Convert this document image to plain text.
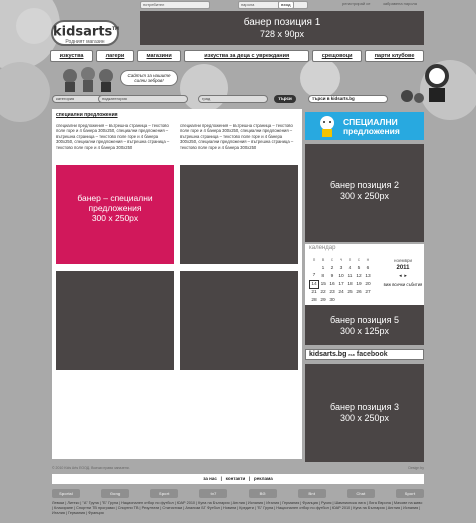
потребител	парола	вход	регистрирай се	забравена парола
kidsarts™
Родният магазин
банер позиция 1
728 x 90px
изкуства	лагери	магазини	изкуства за деца с увреждания	срещовоци	парти клубове
Сайтът за нашите
силни зебров!
категория	подкатегория	град	търси	търси в kidsarts.bg
специални предложения
специални предложения – вътрешна страница – текстово поле горе и 4 банера 300x250, специални предложения – вътрешна страница – текстово поле горе и 4 банера 300x250, специални предложения – вътрешна страница – текстово поле горе и 4 банера 300x250
специални предложения – вътрешна страница – текстово поле горе и 4 банера 300x250, специални предложения – вътрешна страница – текстово поле горе и 4 банера 300x250, специални предложения – вътрешна страница – текстово поле горе и 4 банера 300x250
банер – специални
предложения
300 x 250px
СПЕЦИАЛНИ
предложения
банер позиция 2
300 x 250px
календар
п	в	с	ч	п	с	н
	1	2	3	4	5	6
7	8	9	10	11	12	13
14	15	16	17	18	19	20
21	22	23	24	25	26	27
28	29	30				
ноември
2011
◂ ▸
виж всички събития
банер позиция 5
300 x 125px
kidsarts.bg във facebook
банер позиция 3
300 x 250px
© 2010 Kids Arts ЕООД. Всички права запазени.	Design by
за нас   |   контакти   |   реклама
Sportal	Gong	Sport	tv7	BG	Bnt	Chat	Sport
Левски | Литекс | "А" Група | "Б" Група | Национален отбор по футбол | ЮАР 2010 | Купа на България | Англия | Испания | Италия | Германия | Франция | Русия | Шампионска лига | Лига Европа | Мачове на живо | Класиране | Спортни ТВ програми | Спортни ТВ | Резултати | Статистики | Анализи БГ Футбол | Новини | Кредити | "Б" Група | Национален отбор по футбол | ЮАР 2010 | Купа на България | Англия | Испания | Италия | Германия | Франция
